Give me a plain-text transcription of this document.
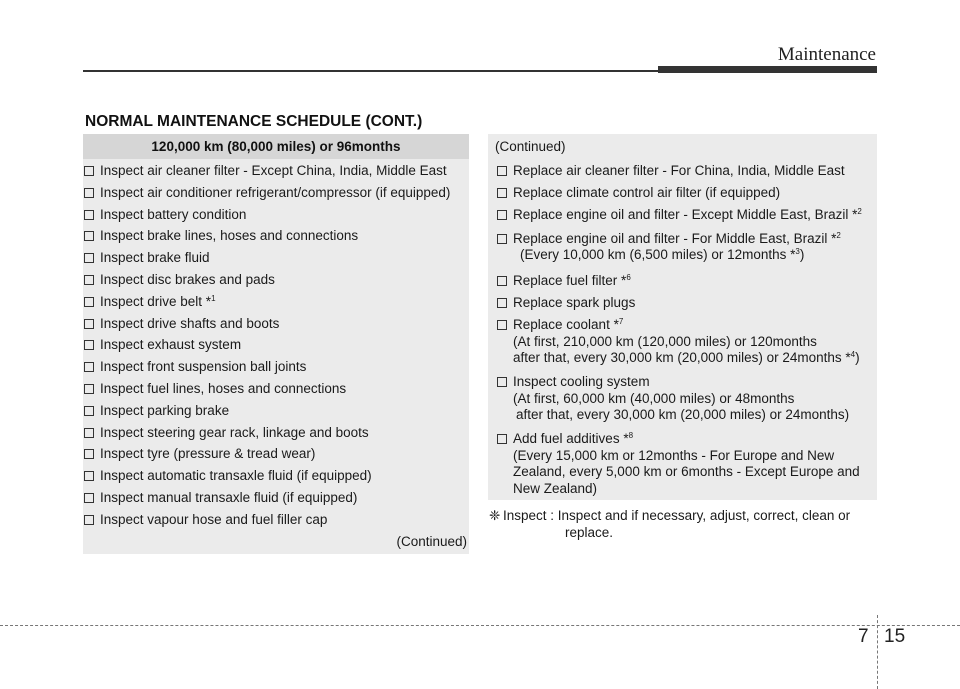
Maintenance
NORMAL MAINTENANCE SCHEDULE (CONT.)
120,000 km (80,000 miles) or 96months
Inspect air cleaner filter - Except China, India, Middle East
Inspect air conditioner refrigerant/compressor (if equipped)
Inspect battery condition
Inspect brake lines, hoses and connections
Inspect brake fluid
Inspect disc brakes and pads
Inspect drive belt *$^1$
Inspect drive shafts and boots
Inspect exhaust system
Inspect front suspension ball joints
Inspect fuel lines, hoses and connections
Inspect parking brake
Inspect steering gear rack, linkage and boots
Inspect tyre (pressure & tread wear)
Inspect automatic transaxle fluid (if equipped)
Inspect manual transaxle fluid (if equipped)
Inspect vapour hose and fuel filler cap
(Continued)
(Continued)
Replace air cleaner filter - For China, India, Middle East
Replace climate control air filter (if equipped)
Replace engine oil and filter - Except Middle East, Brazil *$^2$
Replace engine oil and filter - For Middle East, Brazil *$^2$
(Every 10,000 km (6,500 miles) or 12months *$^3$)
Replace fuel filter *$^6$
Replace spark plugs
Replace coolant *$^7$
(At first, 210,000 km (120,000 miles) or 120months
after that, every 30,000 km (20,000 miles) or 24months *$^4$)
Inspect cooling system
(At first, 60,000 km (40,000 miles) or 48months
after that, every 30,000 km (20,000 miles) or 24months)
Add fuel additives *$^8$
(Every 15,000 km or 12months - For Europe and New
Zealand, every 5,000 km or 6months - Except Europe and
New Zealand)
❈ Inspect : Inspect and if necessary, adjust, correct, clean or
replace.
7 15
